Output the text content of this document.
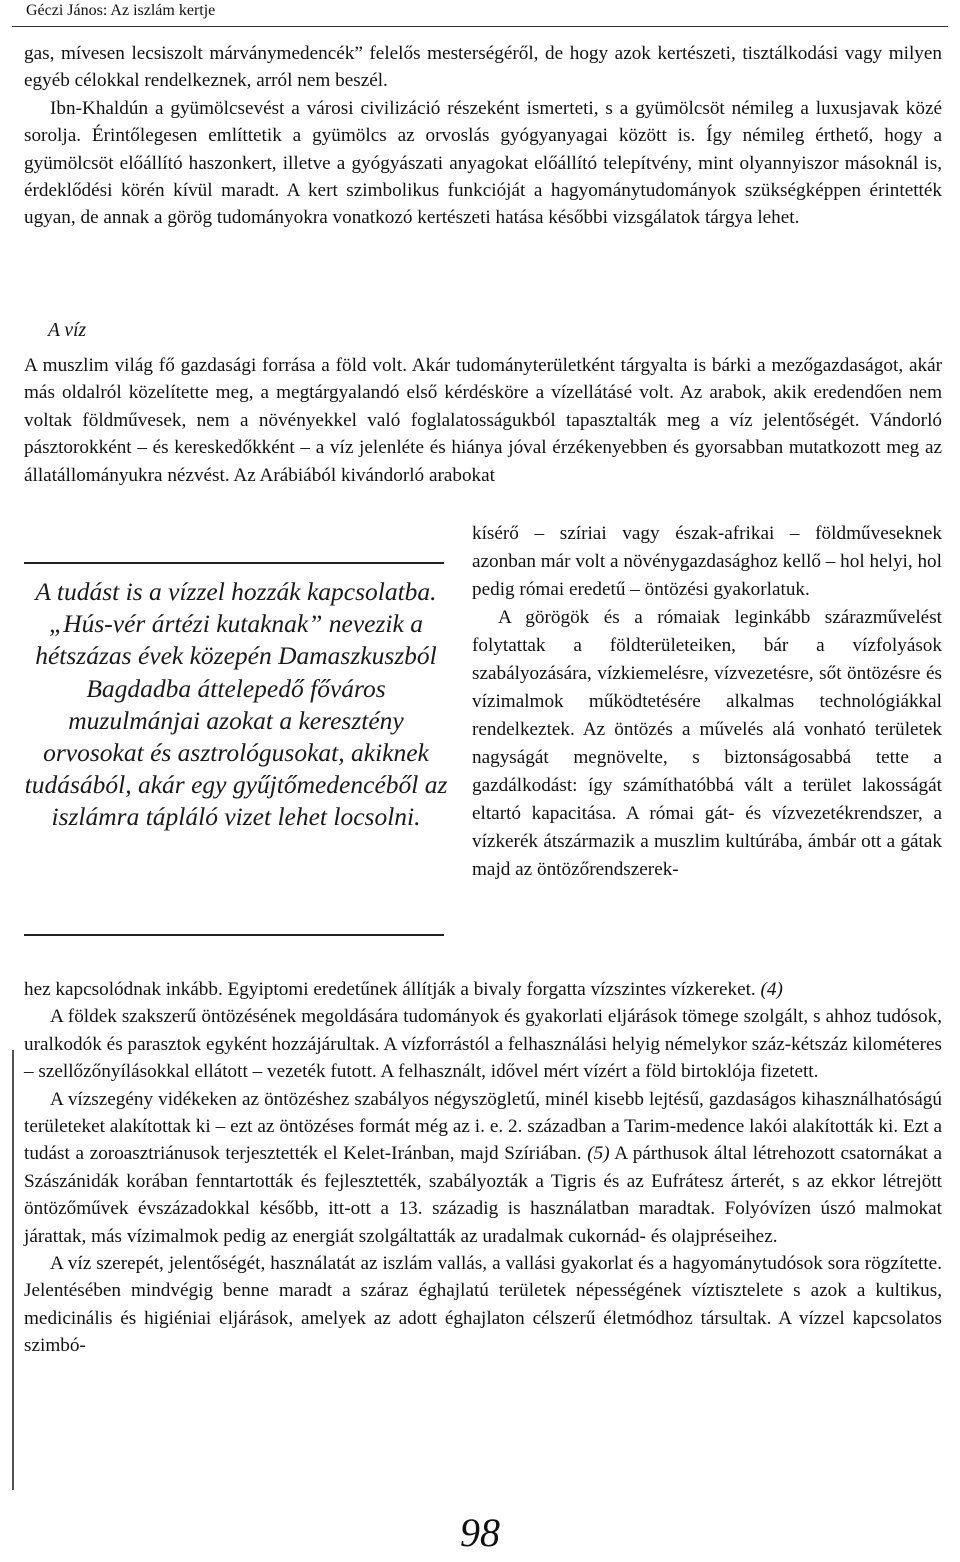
Géczi János: Az iszlám kertje

gas, mívesen lecsiszolt márványmedencék” felelős mesterségéről, de hogy azok kertészeti, tisztálkodási vagy milyen egyéb célokkal rendelkeznek, arról nem beszél.

Ibn-Khaldún a gyümölcsevést a városi civilizáció részeként ismerteti, s a gyümölcsöt némileg a luxusjavak közé sorolja. Érintőlegesen említtetik a gyümölcs az orvoslás gyógyanyagai között is. Így némileg érthető, hogy a gyümölcsöt előállító haszonkert, illetve a gyógyászati anyagokat előállító telepítvény, mint olyannyiszor másoknál is, érdeklődési körén kívül maradt. A kert szimbolikus funkcióját a hagyománytudományok szükségképpen érintették ugyan, de annak a görög tudományokra vonatkozó kertészeti hatása későbbi vizsgálatok tárgya lehet.

A víz

A muszlim világ fő gazdasági forrása a föld volt. Akár tudományterületként tárgyalta is bárki a mezőgazdaságot, akár más oldalról közelítette meg, a megtárgyalandó első kérdésköre a vízellátásé volt. Az arabok, akik eredendően nem voltak földművesek, nem a növényekkel való foglalatosságukból tapasztalták meg a víz jelentőségét. Vándorló pásztorokként – és kereskedőkként – a víz jelenléte és hiánya jóval érzékenyebben és gyorsabban mutatkozott meg az állatállományukra nézvést. Az Arábiából kivándorló arabokat

kísérő – szíriai vagy észak-afrikai – földműveseknek azonban már volt a növénygazdasághoz kellő – hol helyi, hol pedig római eredetű – öntözési gyakorlatuk.

A görögök és a rómaiak leginkább szárazművelést folytattak a földterületeiken, bár a vízfolyások szabályozására, vízkiemelésre, vízvezetésre, sőt öntözésre és vízimalmok működtetésére alkalmas technológiákkal rendelkeztek. Az öntözés a művelés alá vonható területek nagyságát megnövelte, s biztonságosabbá tette a gazdálkodást: így számíthatóbbá vált a terület lakosságát eltartó kapacitása. A római gát- és vízvezetékrendszer, a vízkerék átszármazik a muszlim kultúrába, ámbár ott a gátak majd az öntözőrendszerek-

A tudást is a vízzel hozzák kapcsolatba. „Hús-vér ártézi kutaknak” nevezik a hétszázas évek közepén Damaszkuszból Bagdadba áttelepedő főváros muzulmánjai azokat a keresztény orvosokat és asztrológusokat, akiknek tudásából, akár egy gyűjtőmedencéből az iszlámra tápláló vizet lehet locsolni.

hez kapcsolódnak inkább. Egyiptomi eredetűnek állítják a bivaly forgatta vízszintes vízkereket. (4)

A földek szakszerű öntözésének megoldására tudományok és gyakorlati eljárások tömege szolgált, s ahhoz tudósok, uralkodók és parasztok egyként hozzájárultak. A vízforrástól a felhasználási helyig némelykor száz-kétszáz kilométeres – szellőzőnyílásokkal ellátott – vezeték futott. A felhasznált, idővel mért vízért a föld birtoklója fizetett.

A vízszegény vidékeken az öntözéshez szabályos négyszögletű, minél kisebb lejtésű, gazdaságos kihasználhatóságú területeket alakítottak ki – ezt az öntözéses formát még az i. e. 2. században a Tarim-medence lakói alakították ki. Ezt a tudást a zoroasztriánusok terjesztették el Kelet-Iránban, majd Szíriában. (5) A párthusok által létrehozott csatornákat a Szászánidák korában fenntartották és fejlesztették, szabályozták a Tigris és az Eufrátesz árterét, s az ekkor létrejött öntözőművek évszázadokkal később, itt-ott a 13. századig is használatban maradtak. Folyóvízen úszó malmokat járattak, más vízimalmok pedig az energiát szolgáltatták az uradalmak cukornád- és olajpréseihez.

A víz szerepét, jelentőségét, használatát az iszlám vallás, a vallási gyakorlat és a hagyománytudósok sora rögzítette. Jelentésében mindvégig benne maradt a száraz éghajlatú területek népességének víztisztelete s azok a kultikus, medicinális és higiéniai eljárások, amelyek az adott éghajlaton célszerű életmódhoz társultak. A vízzel kapcsolatos szimbó-

98
